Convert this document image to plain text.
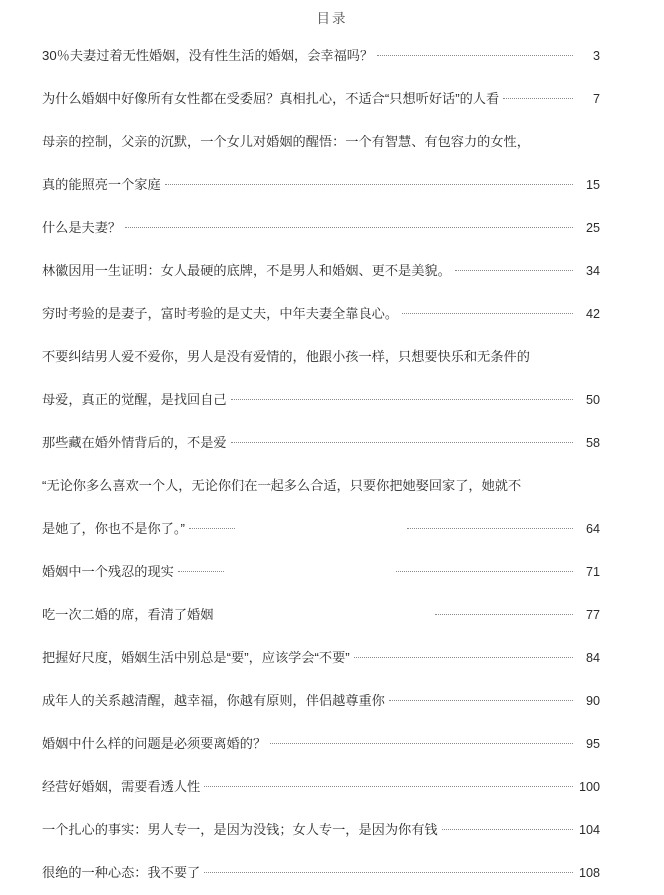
目录
30％夫妻过着无性婚姻，没有性生活的婚姻，会幸福吗？	3
为什么婚姻中好像所有女性都在受委屈？真相扎心，不适合“只想听好话”的人看	7
母亲的控制，父亲的沉默，一个女儿对婚姻的醒悟：一个有智慧、有包容力的女性，
真的能照亮一个家庭	15
什么是夫妻？	25
林徽因用一生证明：女人最硬的底牌，不是男人和婚姻、更不是美貌。	34
穷时考验的是妻子，富时考验的是丈夫，中年夫妻全靠良心。	42
不要纠结男人爱不爱你，男人是没有爱情的，他跟小孩一样，只想要快乐和无条件的
母爱，真正的觉醒，是找回自己	50
那些藏在婚外情背后的，不是爱	58
“无论你多么喜欢一个人，无论你们在一起多么合适，只要你把她娶回家了，她就不
是她了，你也不是你了。”	64
婚姻中一个残忍的现实	71
吃一次二婚的席，看清了婚姻	77
把握好尺度，婚姻生活中别总是“要”，应该学会“不要”	84
成年人的关系越清醒，越幸福，你越有原则，伴侣越尊重你	90
婚姻中什么样的问题是必须要离婚的？	95
经营好婚姻，需要看透人性	100
一个扎心的事实：男人专一，是因为没钱；女人专一，是因为你有钱	104
很绝的一种心态：我不要了	108
